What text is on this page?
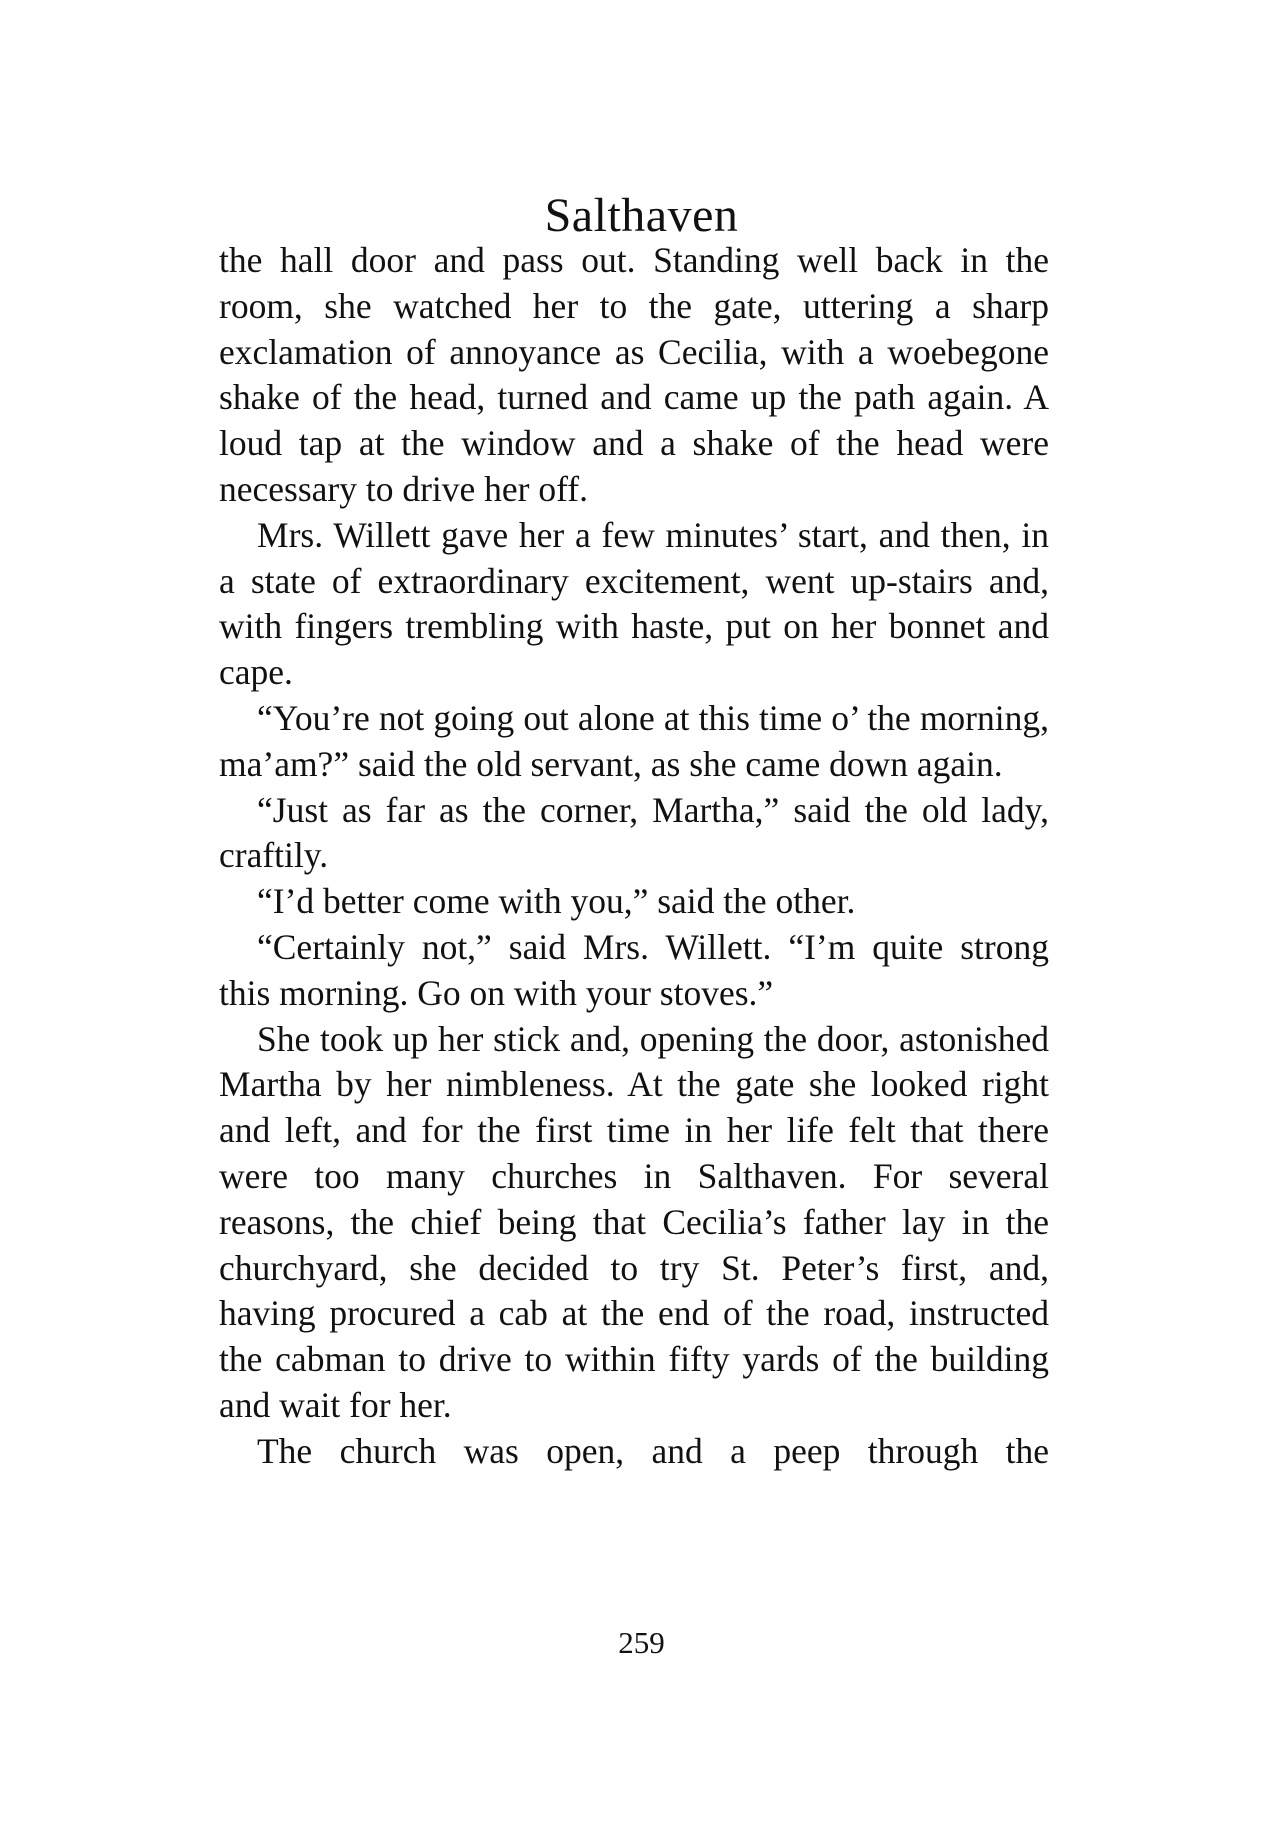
Salthaven

the hall door and pass out. Standing well back in the room, she watched her to the gate, uttering a sharp exclamation of annoyance as Cecilia, with a woebegone shake of the head, turned and came up the path again. A loud tap at the window and a shake of the head were necessary to drive her off.

Mrs. Willett gave her a few minutes’ start, and then, in a state of extraordinary excitement, went up-stairs and, with fingers trembling with haste, put on her bonnet and cape.

“You’re not going out alone at this time o’ the morning, ma’am?” said the old servant, as she came down again.

“Just as far as the corner, Martha,” said the old lady, craftily.

“I’d better come with you,” said the other.

“Certainly not,” said Mrs. Willett. “I’m quite strong this morning. Go on with your stoves.”

She took up her stick and, opening the door, astonished Martha by her nimbleness. At the gate she looked right and left, and for the first time in her life felt that there were too many churches in Salthaven. For several reasons, the chief being that Cecilia’s father lay in the churchyard, she decided to try St. Peter’s first, and, having procured a cab at the end of the road, instructed the cabman to drive to within fifty yards of the building and wait for her.

The church was open, and a peep through the

259
